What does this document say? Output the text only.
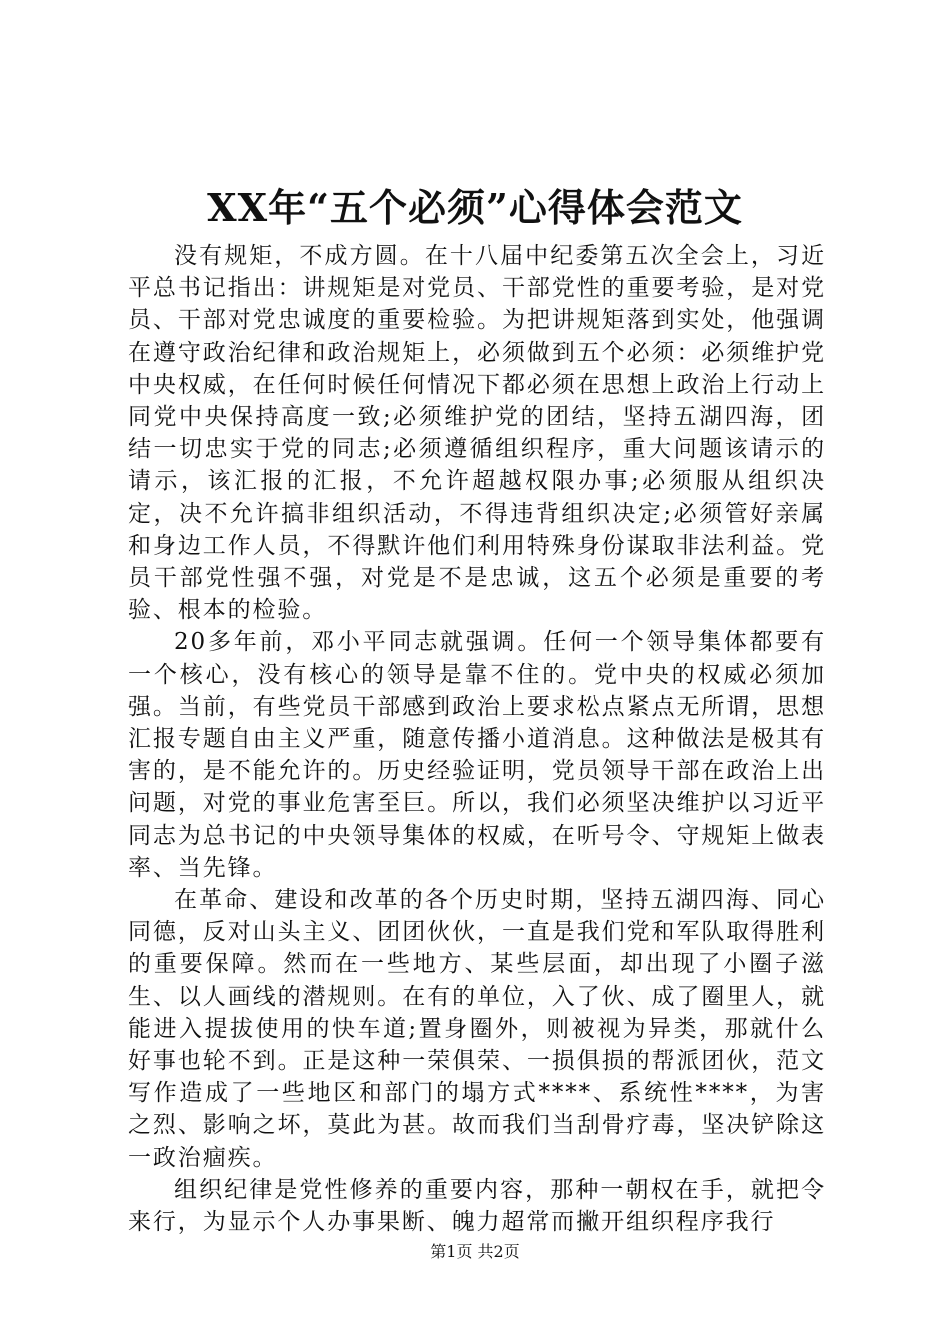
XX年“五个必须”心得体会范文

没有规矩，不成方圆。在十八届中纪委第五次全会上，习近平总书记指出：讲规矩是对党员、干部党性的重要考验，是对党员、干部对党忠诚度的重要检验。为把讲规矩落到实处，他强调在遵守政治纪律和政治规矩上，必须做到五个必须：必须维护党中央权威，在任何时候任何情况下都必须在思想上政治上行动上同党中央保持高度一致;必须维护党的团结，坚持五湖四海，团结一切忠实于党的同志;必须遵循组织程序，重大问题该请示的请示，该汇报的汇报，不允许超越权限办事;必须服从组织决定，决不允许搞非组织活动，不得违背组织决定;必须管好亲属和身边工作人员，不得默许他们利用特殊身份谋取非法利益。党员干部党性强不强，对党是不是忠诚，这五个必须是重要的考验、根本的检验。

20多年前，邓小平同志就强调。任何一个领导集体都要有一个核心，没有核心的领导是靠不住的。党中央的权威必须加强。当前，有些党员干部感到政治上要求松点紧点无所谓，思想汇报专题自由主义严重，随意传播小道消息。这种做法是极其有害的，是不能允许的。历史经验证明，党员领导干部在政治上出问题，对党的事业危害至巨。所以，我们必须坚决维护以习近平同志为总书记的中央领导集体的权威，在听号令、守规矩上做表率、当先锋。

在革命、建设和改革的各个历史时期，坚持五湖四海、同心同德，反对山头主义、团团伙伙，一直是我们党和军队取得胜利的重要保障。然而在一些地方、某些层面，却出现了小圈子滋生、以人画线的潜规则。在有的单位，入了伙、成了圈里人，就能进入提拔使用的快车道;置身圈外，则被视为异类，那就什么好事也轮不到。正是这种一荣俱荣、一损俱损的帮派团伙，范文写作造成了一些地区和部门的塌方式****、系统性****，为害之烈、影响之坏，莫此为甚。故而我们当刮骨疗毒，坚决铲除这一政治痼疾。

组织纪律是党性修养的重要内容，那种一朝权在手，就把令来行，为显示个人办事果断、魄力超常而撇开组织程序我行

第1页 共2页
